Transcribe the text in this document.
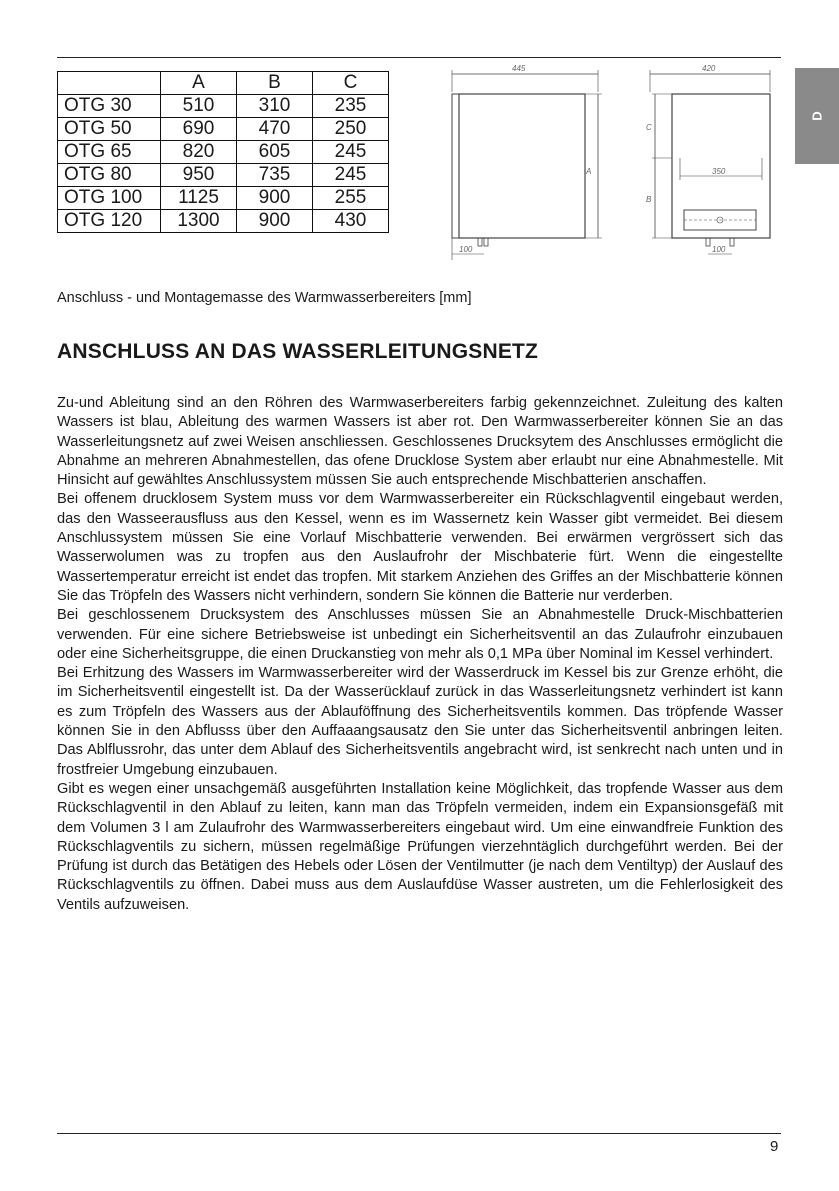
D
	A	B	C
OTG 30	510	310	235
OTG 50	690	470	250
OTG 65	820	605	245
OTG 80	950	735	245
OTG 100	1125	900	255
OTG 120	1300	900	430
445
A
100
420
C
B
350
100
Anschluss - und Montagemasse des Warmwasserbereiters [mm]
ANSCHLUSS AN DAS WASSERLEITUNGSNETZ

Zu-und Ableitung sind an den Röhren des Warmwaserbereiters farbig gekennzeichnet. Zuleitung des kalten Wassers ist blau, Ableitung des warmen Wassers ist aber rot. Den Warmwasserbereiter können Sie an das Wasserleitungsnetz auf zwei Weisen anschliessen. Geschlossenes Drucksytem des Anschlusses ermöglicht die Abnahme an mehreren Abnahmestellen, das ofene Drucklose System aber erlaubt nur eine Abnahmestelle. Mit Hinsicht auf gewähltes Anschlussystem müssen Sie auch entsprechende Mischbatterien anschaffen.

Bei offenem drucklosem System muss vor dem Warmwasserbereiter ein Rückschlagventil eingebaut werden, das den Wasseerausfluss aus den Kessel, wenn es im Wassernetz kein Wasser gibt vermeidet. Bei diesem Anschlussystem müssen Sie eine Vorlauf Mischbatterie verwenden. Bei erwärmen vergrössert sich das Wasserwolumen was zu tropfen aus den Auslaufrohr der Mischbaterie fürt. Wenn die eingestellte Wassertemperatur erreicht ist endet das tropfen. Mit starkem Anziehen des Griffes an der Mischbatterie können Sie das Tröpfeln des Wassers nicht verhindern, sondern Sie können die Batterie nur verderben.

Bei geschlossenem Drucksystem des Anschlusses müssen Sie an Abnahmestelle Druck-Mischbatterien verwenden. Für eine sichere Betriebsweise ist unbedingt ein Sicherheitsventil an das Zulaufrohr einzubauen oder eine Sicherheitsgruppe, die einen Druckanstieg von mehr als 0,1 MPa über Nominal im Kessel verhindert.

Bei Erhitzung des Wassers im Warmwasserbereiter wird der Wasserdruck im Kessel bis zur Grenze erhöht, die im Sicherheitsventil eingestellt ist. Da der Wasserücklauf zurück in das Wasserleitungsnetz verhindert ist kann es zum Tröpfeln des Wassers aus der Ablauföffnung des Sicherheitsventils kommen. Das tröpfende Wasser können Sie in den Abflusss über den Auffaaangsausatz den Sie unter das Sicherheitsventil anbringen leiten. Das Ablflussrohr, das unter dem Ablauf des Sicherheitsventils angebracht wird, ist senkrecht nach unten und in frostfreier Umgebung einzubauen.

Gibt es wegen einer unsachgemäß ausgeführten Installation keine Möglichkeit, das tropfende Wasser aus dem Rückschlagventil in den Ablauf zu leiten, kann man das Tröpfeln vermeiden, indem ein Expansionsgefäß mit dem Volumen 3 l am Zulaufrohr des Warmwasserbereiters eingebaut wird. Um eine einwandfreie Funktion des Rückschlagventils zu sichern, müssen regelmäßige Prüfungen vierzehntäglich durchgeführt werden. Bei der Prüfung ist durch das Betätigen des Hebels oder Lösen der Ventilmutter (je nach dem Ventiltyp) der Auslauf des Rückschlagventils zu öffnen. Dabei muss aus dem Auslaufdüse Wasser austreten, um die Fehlerlosigkeit des Ventils aufzuweisen.

9
